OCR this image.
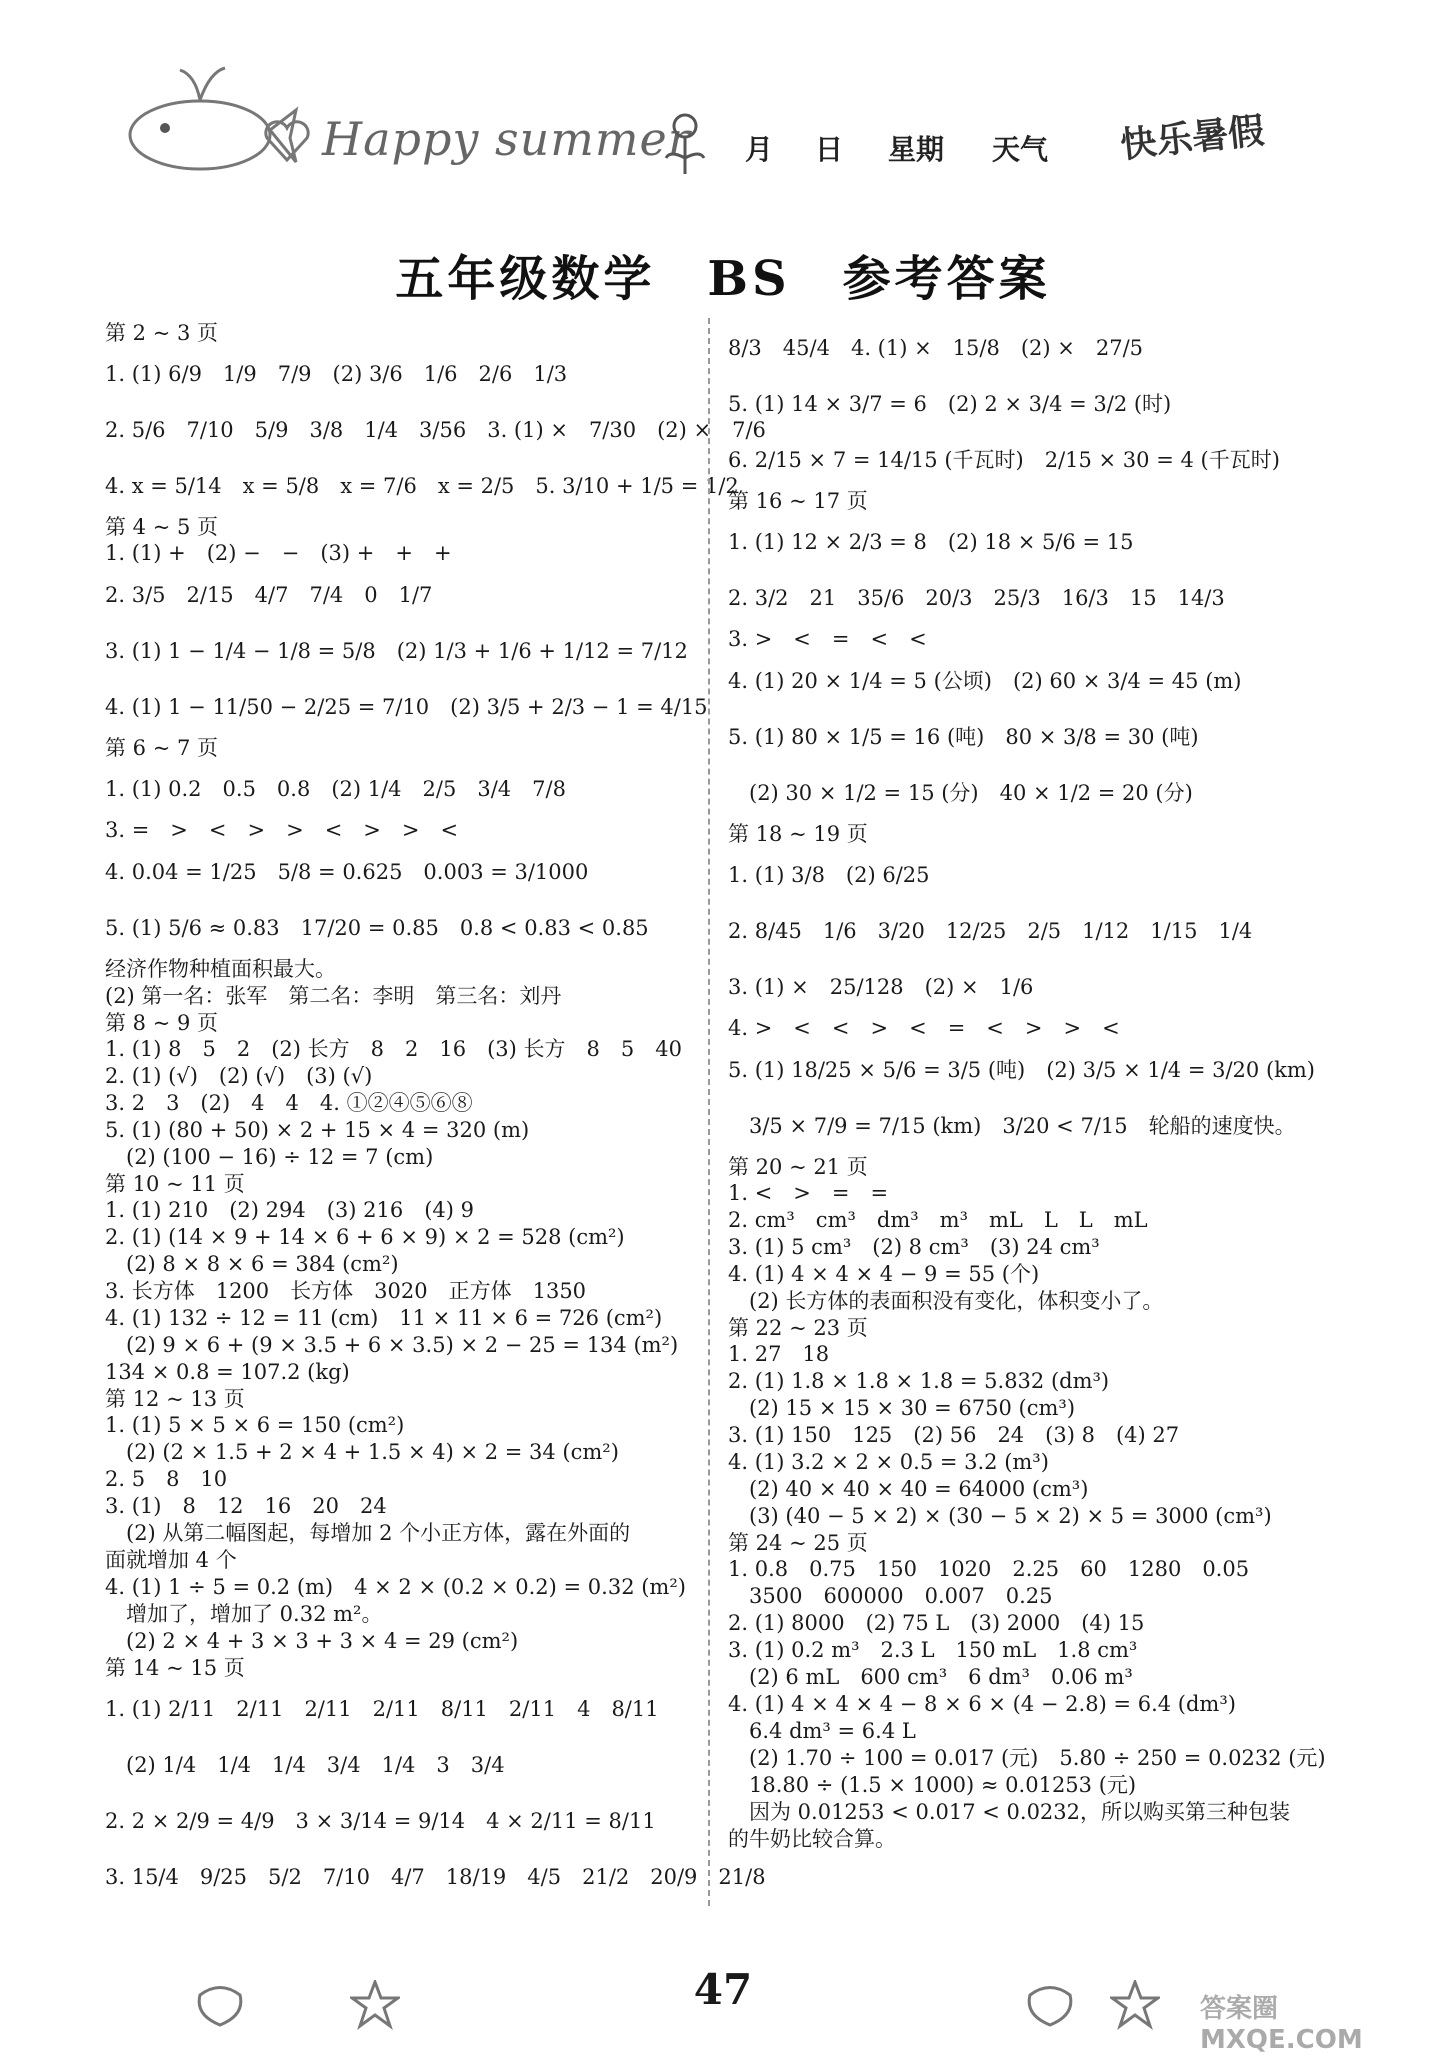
Happy summer 月 日 星期 天气 快乐暑假
五年级数学　BS　参考答案
第 2 ~ 3 页
1. (1) 6/9　1/9　7/9　(2) 3/6　1/6　2/6　1/3
2. 5/6　7/10　5/9　3/8　1/4　3/56　3. (1) ×　7/30　(2) ×　7/6
4. x = 5/14　x = 5/8　x = 7/6　x = 2/5　5. 3/10 + 1/5 = 1/2
第 4 ~ 5 页
1. (1) +　(2) −　−　(3) +　+　+
2. 3/5　2/15　4/7　7/4　0　1/7
3. (1) 1 − 1/4 − 1/8 = 5/8　(2) 1/3 + 1/6 + 1/12 = 7/12
4. (1) 1 − 11/50 − 2/25 = 7/10　(2) 3/5 + 2/3 − 1 = 4/15
第 6 ~ 7 页
1. (1) 0.2　0.5　0.8　(2) 1/4　2/5　3/4　7/8
3. =　>　<　>　>　<　>　>　<
4. 0.04 = 1/25　5/8 = 0.625　0.003 = 3/1000
5. (1) 5/6 ≈ 0.83　17/20 = 0.85　0.8 < 0.83 < 0.85
经济作物种植面积最大。
(2) 第一名：张军　第二名：李明　第三名：刘丹
第 8 ~ 9 页
1. (1) 8　5　2　(2) 长方　8　2　16　(3) 长方　8　5　40
2. (1) (√)　(2) (√)　(3) (√)
3. 2　3　(2)　4　4　4. ①②④⑤⑥⑧
5. (1) (80 + 50) × 2 + 15 × 4 = 320 (m)
　(2) (100 − 16) ÷ 12 = 7 (cm)
第 10 ~ 11 页
1. (1) 210　(2) 294　(3) 216　(4) 9
2. (1) (14 × 9 + 14 × 6 + 6 × 9) × 2 = 528 (cm²)
　(2) 8 × 8 × 6 = 384 (cm²)
3. 长方体　1200　长方体　3020　正方体　1350
4. (1) 132 ÷ 12 = 11 (cm)　11 × 11 × 6 = 726 (cm²)
　(2) 9 × 6 + (9 × 3.5 + 6 × 3.5) × 2 − 25 = 134 (m²)
134 × 0.8 = 107.2 (kg)
第 12 ~ 13 页
1. (1) 5 × 5 × 6 = 150 (cm²)
　(2) (2 × 1.5 + 2 × 4 + 1.5 × 4) × 2 = 34 (cm²)
2. 5　8　10
3. (1)　8　12　16　20　24
　(2) 从第二幅图起，每增加 2 个小正方体，露在外面的
面就增加 4 个
4. (1) 1 ÷ 5 = 0.2 (m)　4 × 2 × (0.2 × 0.2) = 0.32 (m²)
　增加了，增加了 0.32 m²。
　(2) 2 × 4 + 3 × 3 + 3 × 4 = 29 (cm²)
第 14 ~ 15 页
1. (1) 2/11　2/11　2/11　2/11　8/11　2/11　4　8/11
　(2) 1/4　1/4　1/4　3/4　1/4　3　3/4
2. 2 × 2/9 = 4/9　3 × 3/14 = 9/14　4 × 2/11 = 8/11
3. 15/4　9/25　5/2　7/10　4/7　18/19　4/5　21/2　20/9　21/8
8/3　45/4　4. (1) ×　15/8　(2) ×　27/5
5. (1) 14 × 3/7 = 6　(2) 2 × 3/4 = 3/2 (时)
6. 2/15 × 7 = 14/15 (千瓦时)　2/15 × 30 = 4 (千瓦时)
第 16 ~ 17 页
1. (1) 12 × 2/3 = 8　(2) 18 × 5/6 = 15
2. 3/2　21　35/6　20/3　25/3　16/3　15　14/3
3. >　<　=　<　<
4. (1) 20 × 1/4 = 5 (公顷)　(2) 60 × 3/4 = 45 (m)
5. (1) 80 × 1/5 = 16 (吨)　80 × 3/8 = 30 (吨)
　(2) 30 × 1/2 = 15 (分)　40 × 1/2 = 20 (分)
第 18 ~ 19 页
1. (1) 3/8　(2) 6/25
2. 8/45　1/6　3/20　12/25　2/5　1/12　1/15　1/4
3. (1) ×　25/128　(2) ×　1/6
4. >　<　<　>　<　=　<　>　>　<
5. (1) 18/25 × 5/6 = 3/5 (吨)　(2) 3/5 × 1/4 = 3/20 (km)
　3/5 × 7/9 = 7/15 (km)　3/20 < 7/15　轮船的速度快。
第 20 ~ 21 页
1. <　>　=　=
2. cm³　cm³　dm³　m³　mL　L　L　mL
3. (1) 5 cm³　(2) 8 cm³　(3) 24 cm³
4. (1) 4 × 4 × 4 − 9 = 55 (个)
　(2) 长方体的表面积没有变化，体积变小了。
第 22 ~ 23 页
1. 27　18
2. (1) 1.8 × 1.8 × 1.8 = 5.832 (dm³)
　(2) 15 × 15 × 30 = 6750 (cm³)
3. (1) 150　125　(2) 56　24　(3) 8　(4) 27
4. (1) 3.2 × 2 × 0.5 = 3.2 (m³)
　(2) 40 × 40 × 40 = 64000 (cm³)
　(3) (40 − 5 × 2) × (30 − 5 × 2) × 5 = 3000 (cm³)
第 24 ~ 25 页
1. 0.8　0.75　150　1020　2.25　60　1280　0.05
　3500　600000　0.007　0.25
2. (1) 8000　(2) 75 L　(3) 2000　(4) 15
3. (1) 0.2 m³　2.3 L　150 mL　1.8 cm³
　(2) 6 mL　600 cm³　6 dm³　0.06 m³
4. (1) 4 × 4 × 4 − 8 × 6 × (4 − 2.8) = 6.4 (dm³)
　6.4 dm³ = 6.4 L
　(2) 1.70 ÷ 100 = 0.017 (元)　5.80 ÷ 250 = 0.0232 (元)
　18.80 ÷ (1.5 × 1000) ≈ 0.01253 (元)
　因为 0.01253 < 0.017 < 0.0232，所以购买第三种包装
的牛奶比较合算。
47	答案圈 MXQE.COM
